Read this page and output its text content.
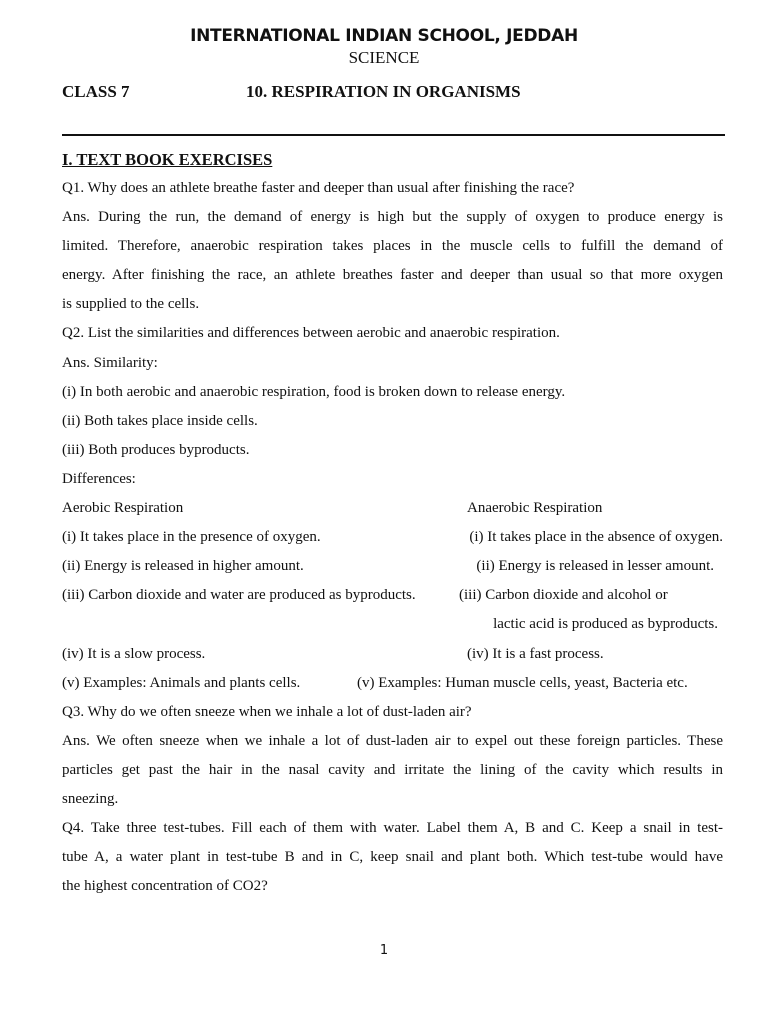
INTERNATIONAL INDIAN SCHOOL, JEDDAH
SCIENCE
CLASS 7	10. RESPIRATION IN ORGANISMS
I. TEXT BOOK EXERCISES
Q1. Why does an athlete breathe faster and deeper than usual after finishing the race?
Ans. During the run, the demand of energy is high but the supply of oxygen to produce energy is
limited. Therefore, anaerobic respiration takes places in the muscle cells to fulfill the demand of
energy. After finishing the race, an athlete breathes faster and deeper than usual so that more oxygen
is supplied to the cells.
Q2. List the similarities and differences between aerobic and anaerobic respiration.
Ans. Similarity:
(i) In both aerobic and anaerobic respiration, food is broken down to release energy.
(ii) Both takes place inside cells.
(iii) Both produces byproducts.
Differences:
Aerobic Respiration	Anaerobic Respiration
(i) It takes place in the presence of oxygen.	(i) It takes place in the absence of oxygen.
(ii) Energy is released in higher amount.	(ii) Energy is released in lesser amount.
(iii) Carbon dioxide and water are produced as byproducts.	(iii) Carbon dioxide and alcohol or
lactic acid is produced as byproducts.
(iv) It is a slow process.	(iv) It is a fast process.
(v) Examples: Animals and plants cells.	(v) Examples: Human muscle cells, yeast, Bacteria etc.
Q3. Why do we often sneeze when we inhale a lot of dust-laden air?
Ans. We often sneeze when we inhale a lot of dust-laden air to expel out these foreign particles. These
particles get past the hair in the nasal cavity and irritate the lining of the cavity which results in
sneezing.
Q4. Take three test-tubes. Fill each of them with water. Label them A, B and C. Keep a snail in test-
tube A, a water plant in test-tube B and in C, keep snail and plant both. Which test-tube would have
the highest concentration of CO2?
1
